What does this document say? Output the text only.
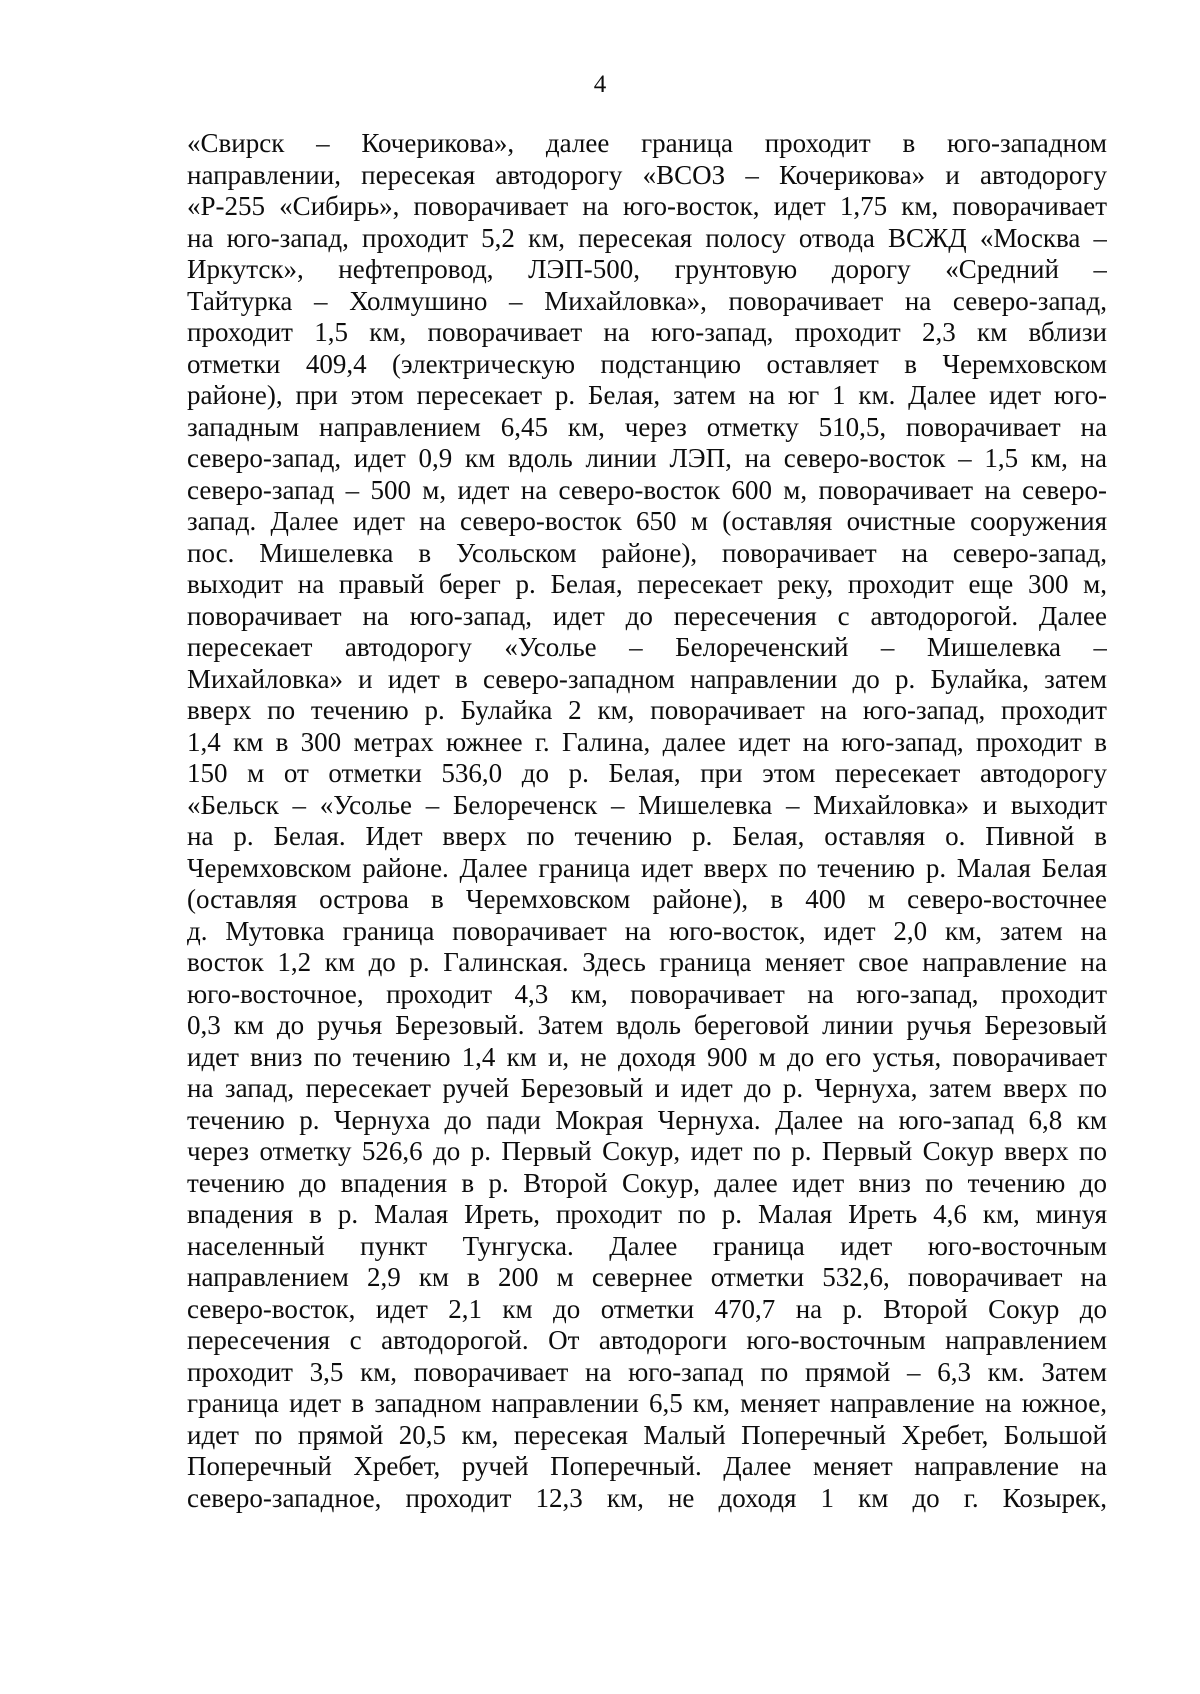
4
«Свирск – Кочерикова», далее граница проходит в юго-западном
направлении, пересекая автодорогу «ВСОЗ – Кочерикова» и автодорогу
«Р-255 «Сибирь», поворачивает на юго-восток, идет 1,75 км, поворачивает
на юго-запад, проходит 5,2 км, пересекая полосу отвода ВСЖД «Москва –
Иркутск», нефтепровод, ЛЭП-500, грунтовую дорогу «Средний –
Тайтурка – Холмушино – Михайловка», поворачивает на северо-запад,
проходит 1,5 км, поворачивает на юго-запад, проходит 2,3 км вблизи
отметки 409,4 (электрическую подстанцию оставляет в Черемховском
районе), при этом пересекает р. Белая, затем на юг 1 км. Далее идет юго-
западным направлением 6,45 км, через отметку 510,5, поворачивает на
северо-запад, идет 0,9 км вдоль линии ЛЭП, на северо-восток – 1,5 км, на
северо-запад – 500 м, идет на северо-восток 600 м, поворачивает на северо-
запад. Далее идет на северо-восток 650 м (оставляя очистные сооружения
пос. Мишелевка в Усольском районе), поворачивает на северо-запад,
выходит на правый берег р. Белая, пересекает реку, проходит еще 300 м,
поворачивает на юго-запад, идет до пересечения с автодорогой. Далее
пересекает автодорогу «Усолье – Белореченский – Мишелевка –
Михайловка» и идет в северо-западном направлении до р. Булайка, затем
вверх по течению р. Булайка 2 км, поворачивает на юго-запад, проходит
1,4 км в 300 метрах южнее г. Галина, далее идет на юго-запад, проходит в
150 м от отметки 536,0 до р. Белая, при этом пересекает автодорогу
«Бельск – «Усолье – Белореченск – Мишелевка – Михайловка» и выходит
на р. Белая. Идет вверх по течению р. Белая, оставляя о. Пивной в
Черемховском районе. Далее граница идет вверх по течению р. Малая Белая
(оставляя острова в Черемховском районе), в 400 м северо-восточнее
д. Мутовка граница поворачивает на юго-восток, идет 2,0 км, затем на
восток 1,2 км до р. Галинская. Здесь граница меняет свое направление на
юго-восточное, проходит 4,3 км, поворачивает на юго-запад, проходит
0,3 км до ручья Березовый. Затем вдоль береговой линии ручья Березовый
идет вниз по течению 1,4 км и, не доходя 900 м до его устья, поворачивает
на запад, пересекает ручей Березовый и идет до р. Чернуха, затем вверх по
течению р. Чернуха до пади Мокрая Чернуха. Далее на юго-запад 6,8 км
через отметку 526,6 до р. Первый Сокур, идет по р. Первый Сокур вверх по
течению до впадения в р. Второй Сокур, далее идет вниз по течению до
впадения в р. Малая Иреть, проходит по р. Малая Иреть 4,6 км, минуя
населенный пункт Тунгуска. Далее граница идет юго-восточным
направлением 2,9 км в 200 м севернее отметки 532,6, поворачивает на
северо-восток, идет 2,1 км до отметки 470,7 на р. Второй Сокур до
пересечения с автодорогой. От автодороги юго-восточным направлением
проходит 3,5 км, поворачивает на юго-запад по прямой – 6,3 км. Затем
граница идет в западном направлении 6,5 км, меняет направление на южное,
идет по прямой 20,5 км, пересекая Малый Поперечный Хребет, Большой
Поперечный Хребет, ручей Поперечный. Далее меняет направление на
северо-западное, проходит 12,3 км, не доходя 1 км до г. Козырек,
